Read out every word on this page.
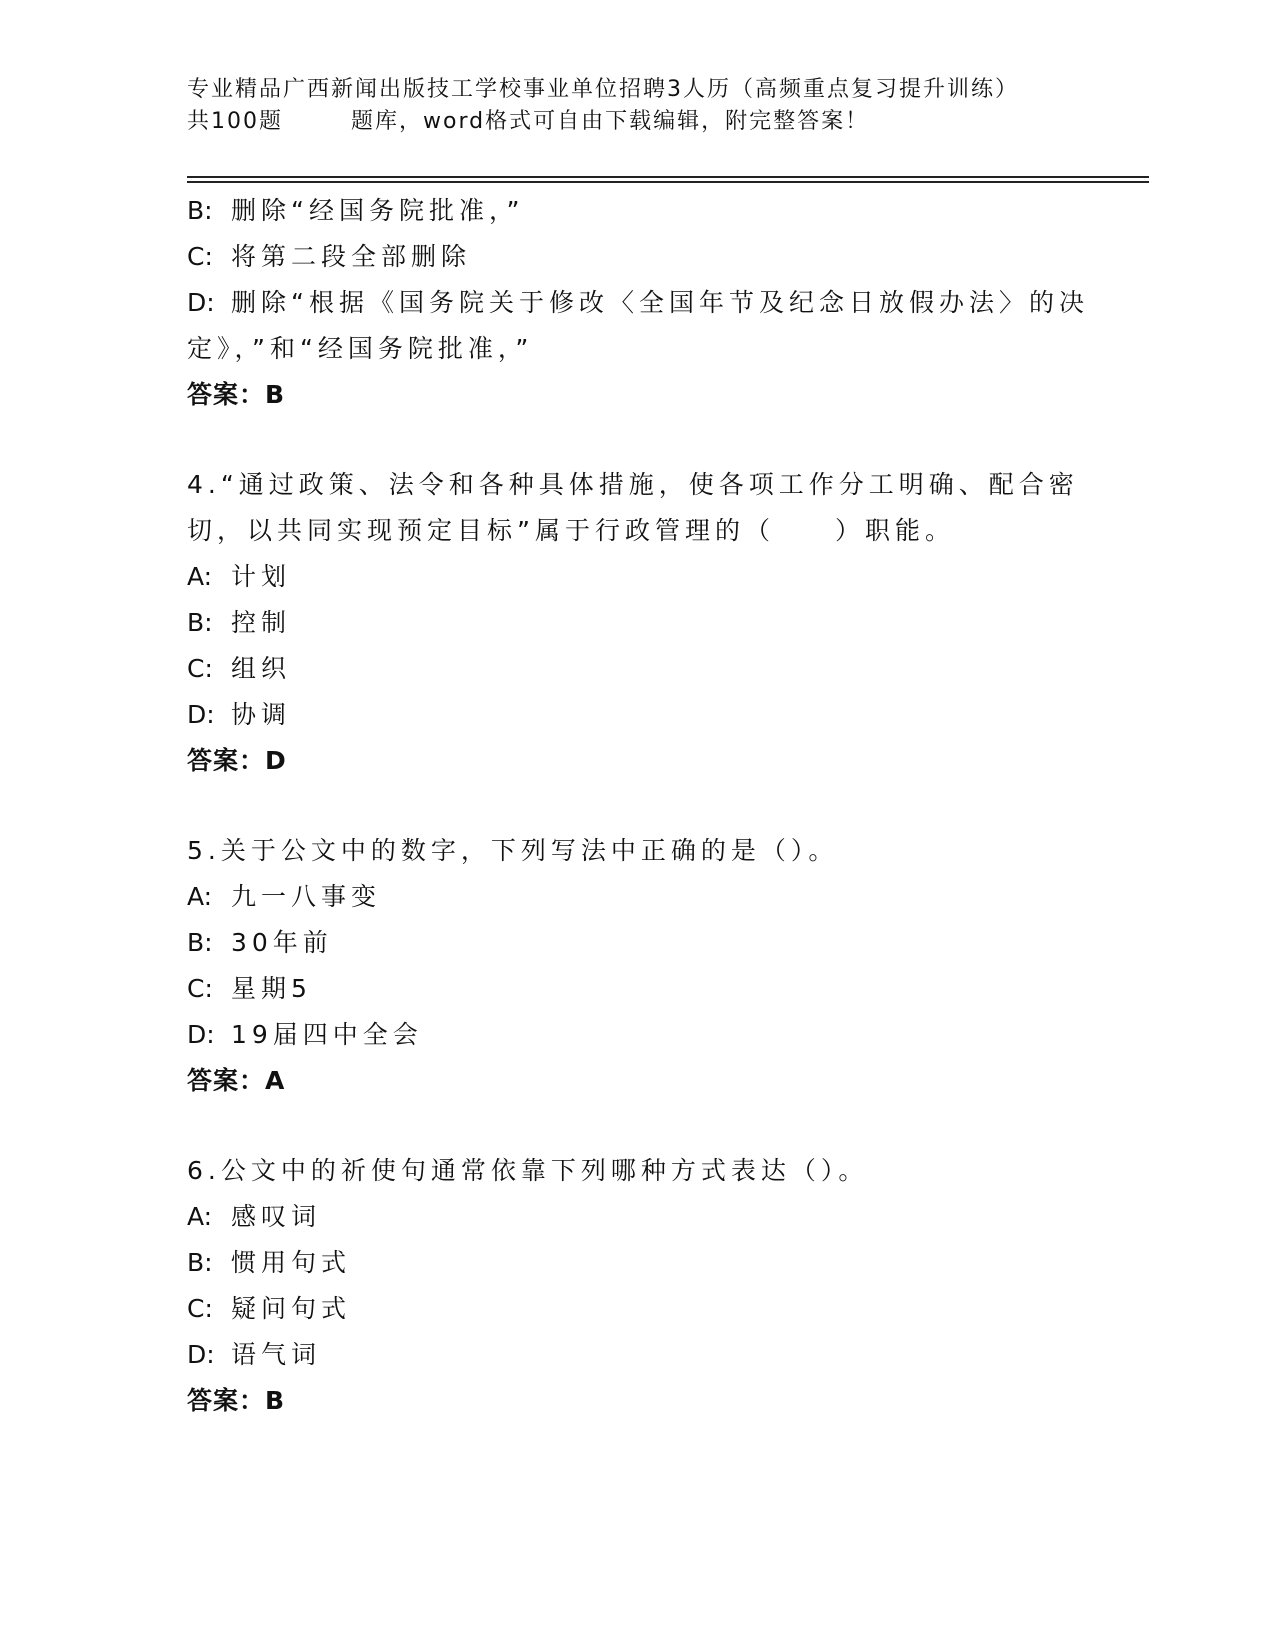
专业精品广西新闻出版技工学校事业单位招聘3人历（高频重点复习提升训练）
共100题	题库，word格式可自由下载编辑，附完整答案！
B: 删除“经国务院批准，”
C: 将第二段全部删除
D: 删除“根据《国务院关于修改〈全国年节及纪念日放假办法〉的决
定》，”和“经国务院批准，”
答案：B
4.“通过政策、法令和各种具体措施，使各项工作分工明确、配合密
切，以共同实现预定目标”属于行政管理的（　　）职能。
A: 计划
B: 控制
C: 组织
D: 协调
答案：D
5.关于公文中的数字，下列写法中正确的是（）。
A: 九一八事变
B: 30年前
C: 星期5
D: 19届四中全会
答案：A
6.公文中的祈使句通常依靠下列哪种方式表达（）。
A: 感叹词
B: 惯用句式
C: 疑问句式
D: 语气词
答案：B
